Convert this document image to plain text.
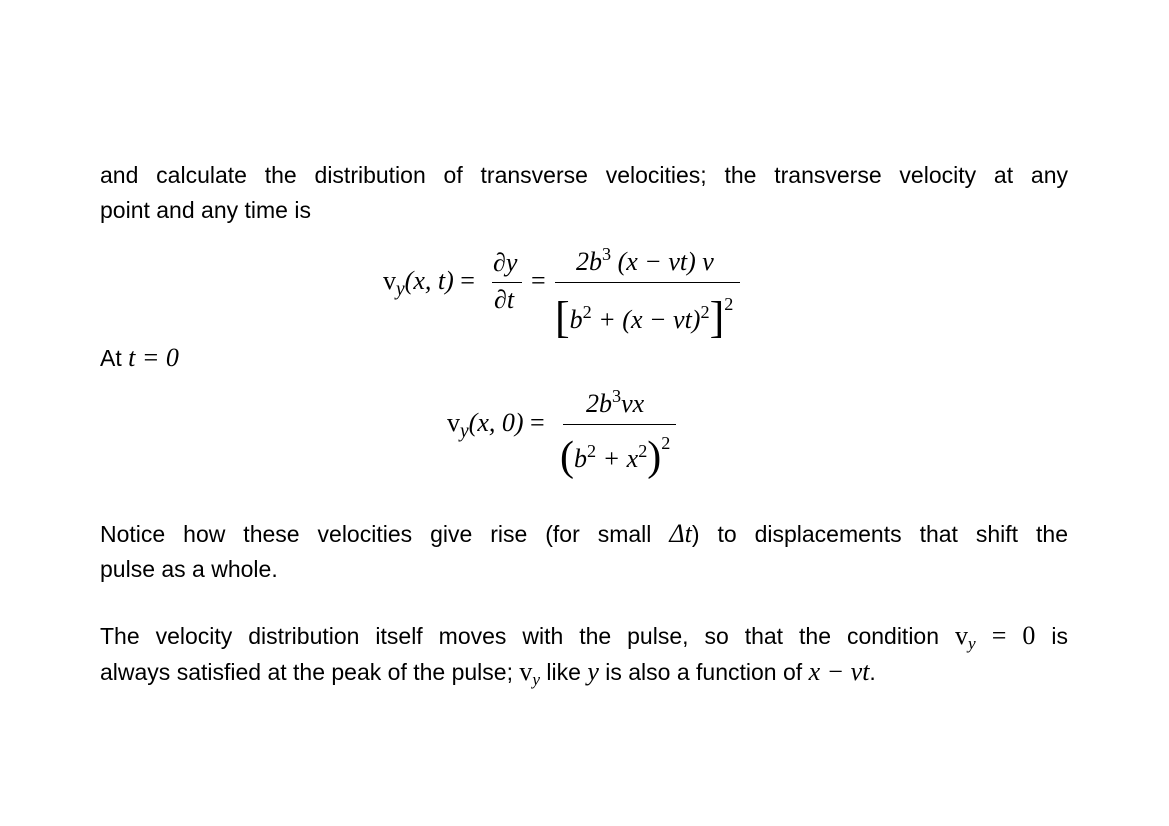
and calculate the distribution of transverse velocities; the transverse velocity at any
point and any time is
$v_y(x$, t) =
∂y
∂t
=
$2b^3$ (x − vt) v
$[b^2 + (x - vt)^2]^2$
At t = 0
$v_y(x$, 0) =
$2b^3vx$
$(b^2 + x^2)^2$
Notice how these velocities give rise (for small Δt) to displacements that shift the
pulse as a whole.
The velocity distribution itself moves with the pulse, so that the condition $v_y = 0$ is
always satisfied at the peak of the pulse; $v_y$ like y is also a function of x − vt.
